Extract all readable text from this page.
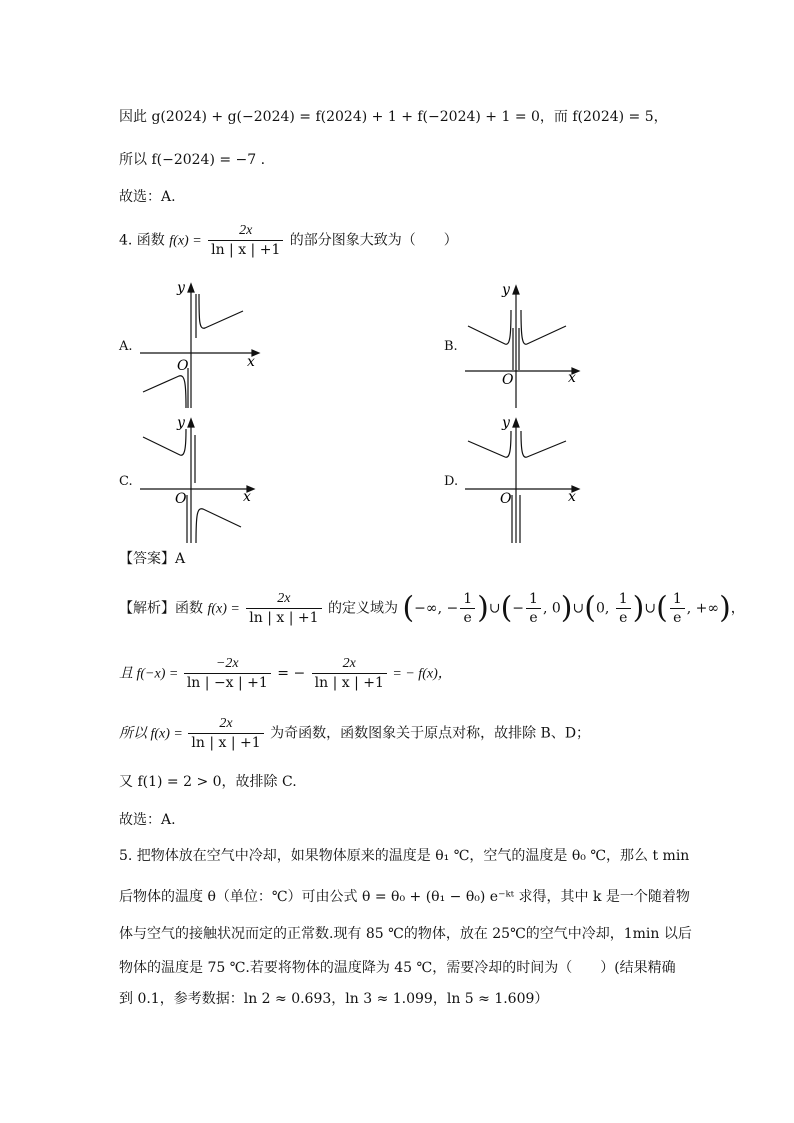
因此 g(2024) + g(−2024) = f(2024) + 1 + f(−2024) + 1 = 0，而 f(2024) = 5，
所以 f(−2024) = −7 .
故选：A.
4. 函数 $f(x) = \frac{2x}{\ln | x | +1}$ 的部分图象大致为（　　）
A.
y
x
O
B.
y
x
O
C.
y
x
O
D.
y
x
O
【答案】A
【解析】函数 $f(x) = \frac{2x}{\ln | x | +1}$ 的定义域为 (−∞, − $\frac{1}{e}$ )∪(− $\frac{1}{e}$ , 0)∪(0, $\frac{1}{e}$ )∪( $\frac{1}{e}$ , +∞)，
且 $f(-x) = \frac{-2x}{\ln | -x | +1}$ = − $\frac{2x}{\ln | x | +1}$ = − f(x)，
所以 $f(x) = \frac{2x}{\ln | x | +1}$ 为奇函数，函数图象关于原点对称，故排除 B、D；
又 f(1) = 2 > 0，故排除 C.
故选：A.
5. 把物体放在空气中冷却，如果物体原来的温度是 θ₁ ℃，空气的温度是 θ₀ ℃，那么 t min
后物体的温度 θ（单位：℃）可由公式 θ = θ₀ + (θ₁ − θ₀) e⁻ᵏᵗ 求得，其中 k 是一个随着物
体与空气的接触状况而定的正常数.现有 85 ℃的物体，放在 25℃的空气中冷却，1min 以后
物体的温度是 75 ℃.若要将物体的温度降为 45 ℃，需要冷却的时间为（　　）(结果精确
到 0.1，参考数据：ln 2 ≈ 0.693，ln 3 ≈ 1.099，ln 5 ≈ 1.609）
